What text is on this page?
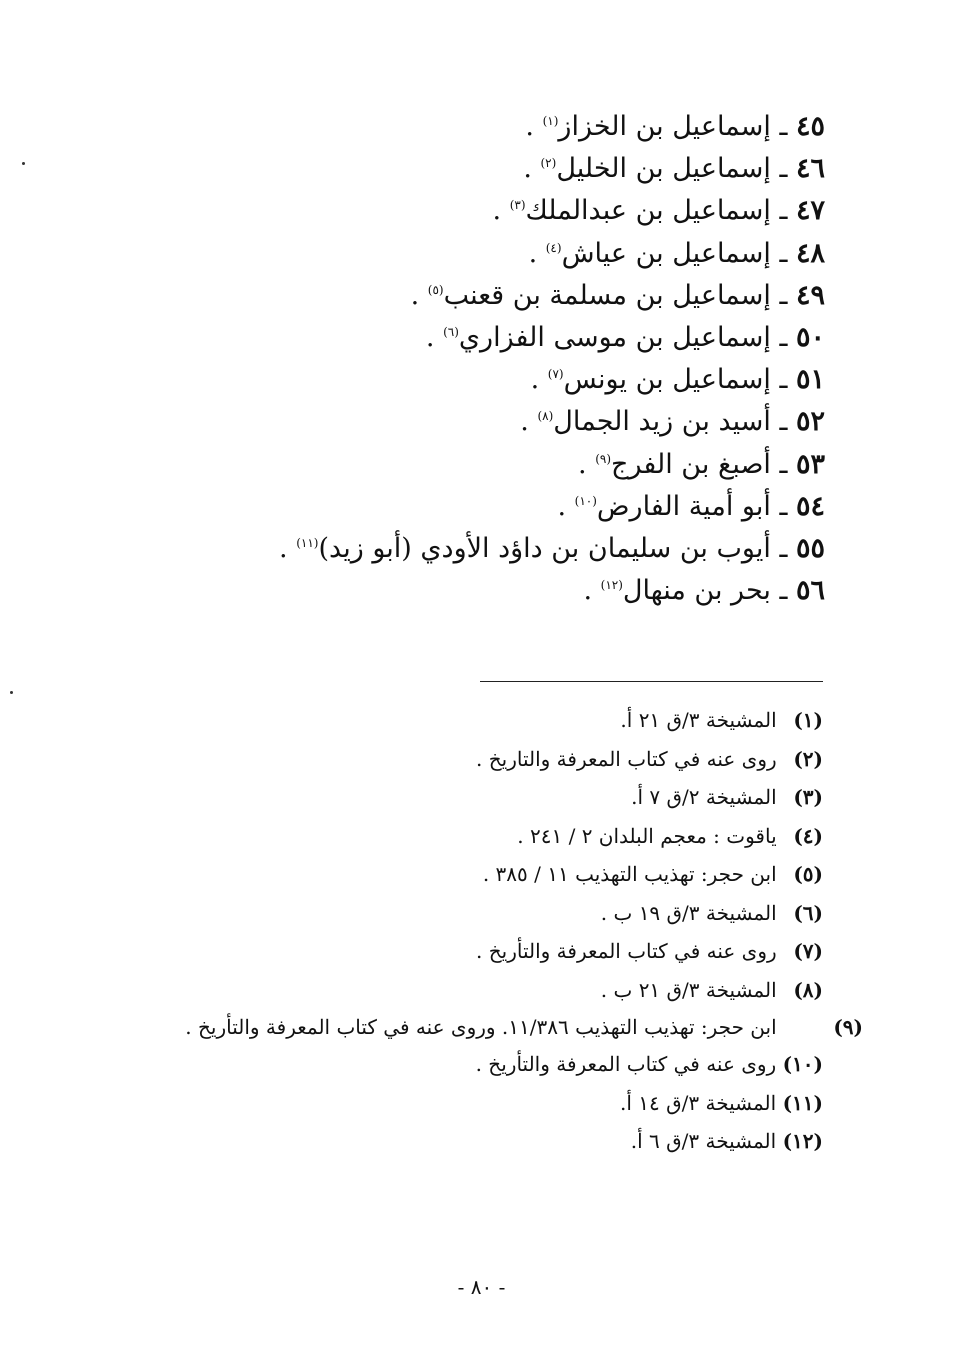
٤٥ ـ إسماعيل بن الخزاز$^{(١)}$ .
٤٦ ـ إسماعيل بن الخليل$^{(٢)}$ .
٤٧ ـ إسماعيل بن عبدالملك$^{(٣)}$ .
٤٨ ـ إسماعيل بن عياش$^{(٤)}$ .
٤٩ ـ إسماعيل بن مسلمة بن قعنب$^{(٥)}$ .
٥٠ ـ إسماعيل بن موسى الفزاري$^{(٦)}$ .
٥١ ـ إسماعيل بن يونس$^{(٧)}$ .
٥٢ ـ أسيد بن زيد الجمال$^{(٨)}$ .
٥٣ ـ أصبغ بن الفرج$^{(٩)}$ .
٥٤ ـ أبو أمية الفارض$^{(١٠)}$ .
٥٥ ـ أيوب بن سليمان بن داؤد الأودي (أبو زيد)$^{(١١)}$ .
٥٦ ـ بحر بن منهال$^{(١٢)}$ .
(١) المشيخة ٣/ق ٢١ أ.
(٢) روى عنه في كتاب المعرفة والتاريخ .
(٣) المشيخة ٢/ق ٧ أ.
(٤) ياقوت : معجم البلدان ٢ / ٢٤١ .
(٥) ابن حجر: تهذيب التهذيب ١١ / ٣٨٥ .
(٦) المشيخة ٣/ق ١٩ ب .
(٧) روى عنه في كتاب المعرفة والتأريخ .
(٨) المشيخة ٣/ق ٢١ ب .
(٩) ابن حجر: تهذيب التهذيب ١١/٣٨٦. وروى عنه في كتاب المعرفة والتأريخ .
(١٠) روى عنه في كتاب المعرفة والتأريخ .
(١١) المشيخة ٣/ق ١٤ أ.
(١٢) المشيخة ٣/ق ٦ أ.
- ٨٠ -
